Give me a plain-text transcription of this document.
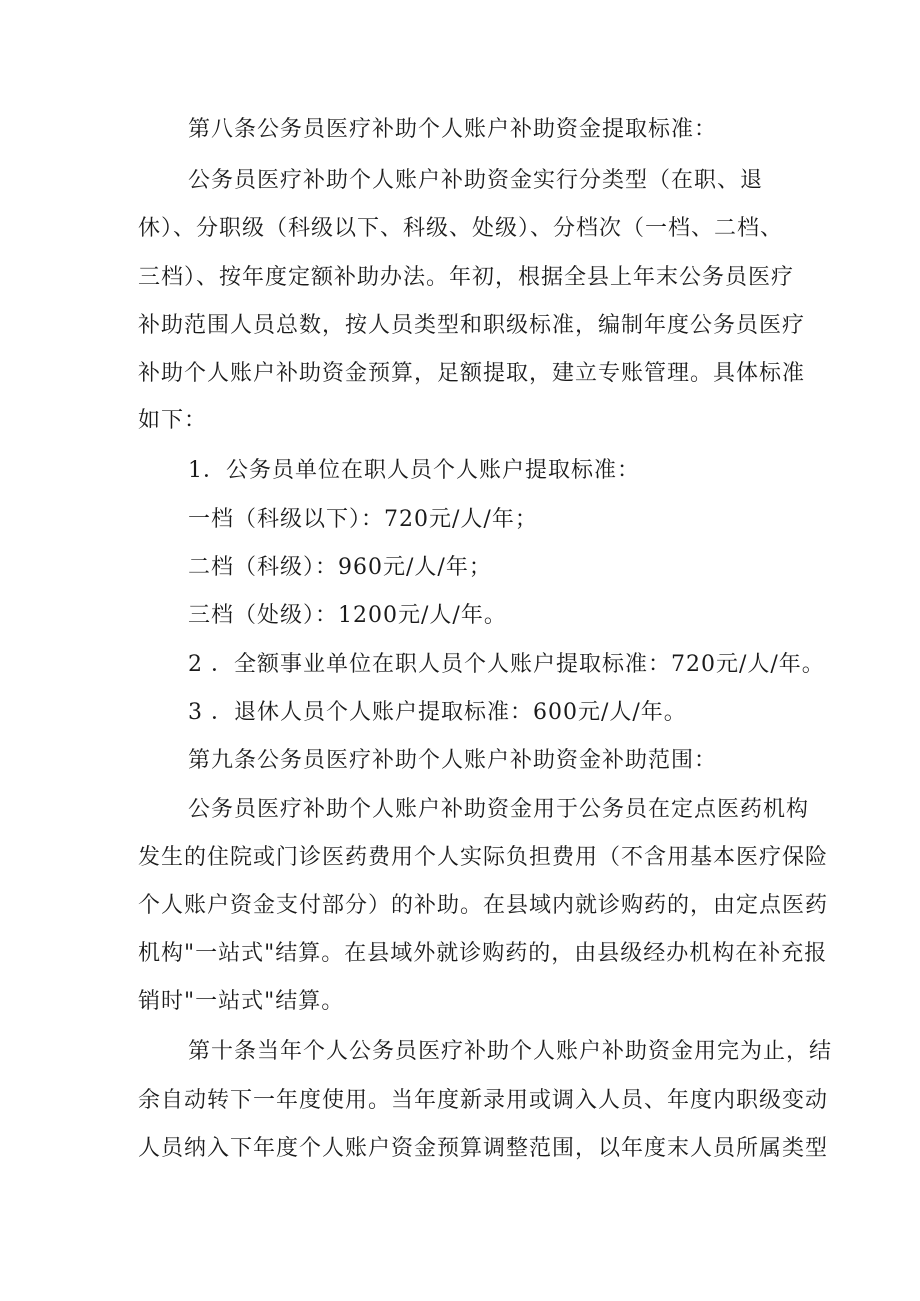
第八条公务员医疗补助个人账户补助资金提取标准：
公务员医疗补助个人账户补助资金实行分类型（在职、退
休）、分职级（科级以下、科级、处级）、分档次（一档、二档、
三档）、按年度定额补助办法。年初，根据全县上年末公务员医疗
补助范围人员总数，按人员类型和职级标准，编制年度公务员医疗
补助个人账户补助资金预算，足额提取，建立专账管理。具体标准
如下：
1．公务员单位在职人员个人账户提取标准：
一档（科级以下）：720元/人/年；
二档（科级）：960元/人/年；
三档（处级）：1200元/人/年。
2 ．全额事业单位在职人员个人账户提取标准：720元/人/年。
3 ．退休人员个人账户提取标准：600元/人/年。
第九条公务员医疗补助个人账户补助资金补助范围：
公务员医疗补助个人账户补助资金用于公务员在定点医药机构
发生的住院或门诊医药费用个人实际负担费用（不含用基本医疗保险
个人账户资金支付部分）的补助。在县域内就诊购药的，由定点医药
机构"一站式"结算。在县域外就诊购药的，由县级经办机构在补充报
销时"一站式"结算。
第十条当年个人公务员医疗补助个人账户补助资金用完为止，结
余自动转下一年度使用。当年度新录用或调入人员、年度内职级变动
人员纳入下年度个人账户资金预算调整范围，以年度末人员所属类型
